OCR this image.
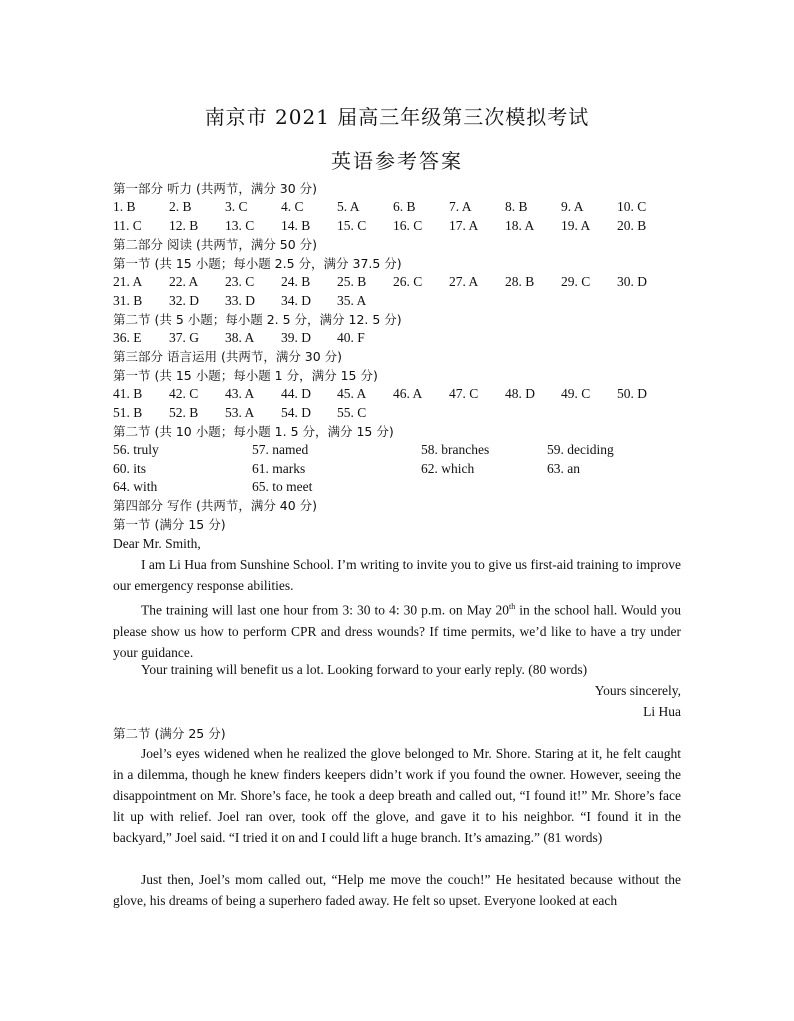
南京市 2021 届高三年级第三次模拟考试
英语参考答案
第一部分 听力 (共两节，满分 30 分)
1. B 2. B 3. C 4. C 5. A 6. B 7. A 8. B 9. A 10. C
11. C 12. B 13. C 14. B 15. C 16. C 17. A 18. A 19. A 20. B
第二部分 阅读 (共两节，满分 50 分)
第一节 (共 15 小题；每小题 2.5 分，满分 37.5 分)
21. A 22. A 23. C 24. B 25. B 26. C 27. A 28. B 29. C 30. D
31. B 32. D 33. D 34. D 35. A
第二节 (共 5 小题；每小题 2. 5 分，满分 12. 5 分)
36. E 37. G 38. A 39. D 40. F
第三部分 语言运用 (共两节，满分 30 分)
第一节 (共 15 小题；每小题 1 分，满分 15 分)
41. B 42. C 43. A 44. D 45. A 46. A 47. C 48. D 49. C 50. D
51. B 52. B 53. A 54. D 55. C
第二节 (共 10 小题；每小题 1. 5 分，满分 15 分)
56. truly	57. named	58. branches	59. deciding
60. its	61. marks	62. which	63. an
64. with	65. to meet
第四部分 写作 (共两节，满分 40 分)
第一节 (满分 15 分)
Dear Mr. Smith,
I am Li Hua from Sunshine School. I’m writing to invite you to give us first-aid training to improve our emergency response abilities.
The training will last one hour from 3: 30 to 4: 30 p.m. on May 20th in the school hall. Would you please show us how to perform CPR and dress wounds? If time permits, we’d like to have a try under your guidance.
Your training will benefit us a lot. Looking forward to your early reply. (80 words)
Yours sincerely,
Li Hua
第二节 (满分 25 分)
Joel’s eyes widened when he realized the glove belonged to Mr. Shore. Staring at it, he felt caught in a dilemma, though he knew finders keepers didn’t work if you found the owner. However, seeing the disappointment on Mr. Shore’s face, he took a deep breath and called out, “I found it!” Mr. Shore’s face lit up with relief. Joel ran over, took off the glove, and gave it to his neighbor. “I found it in the backyard,” Joel said. “I tried it on and I could lift a huge branch. It’s amazing.” (81 words)
Just then, Joel’s mom called out, “Help me move the couch!” He hesitated because without the glove, his dreams of being a superhero faded away. He felt so upset. Everyone looked at each
